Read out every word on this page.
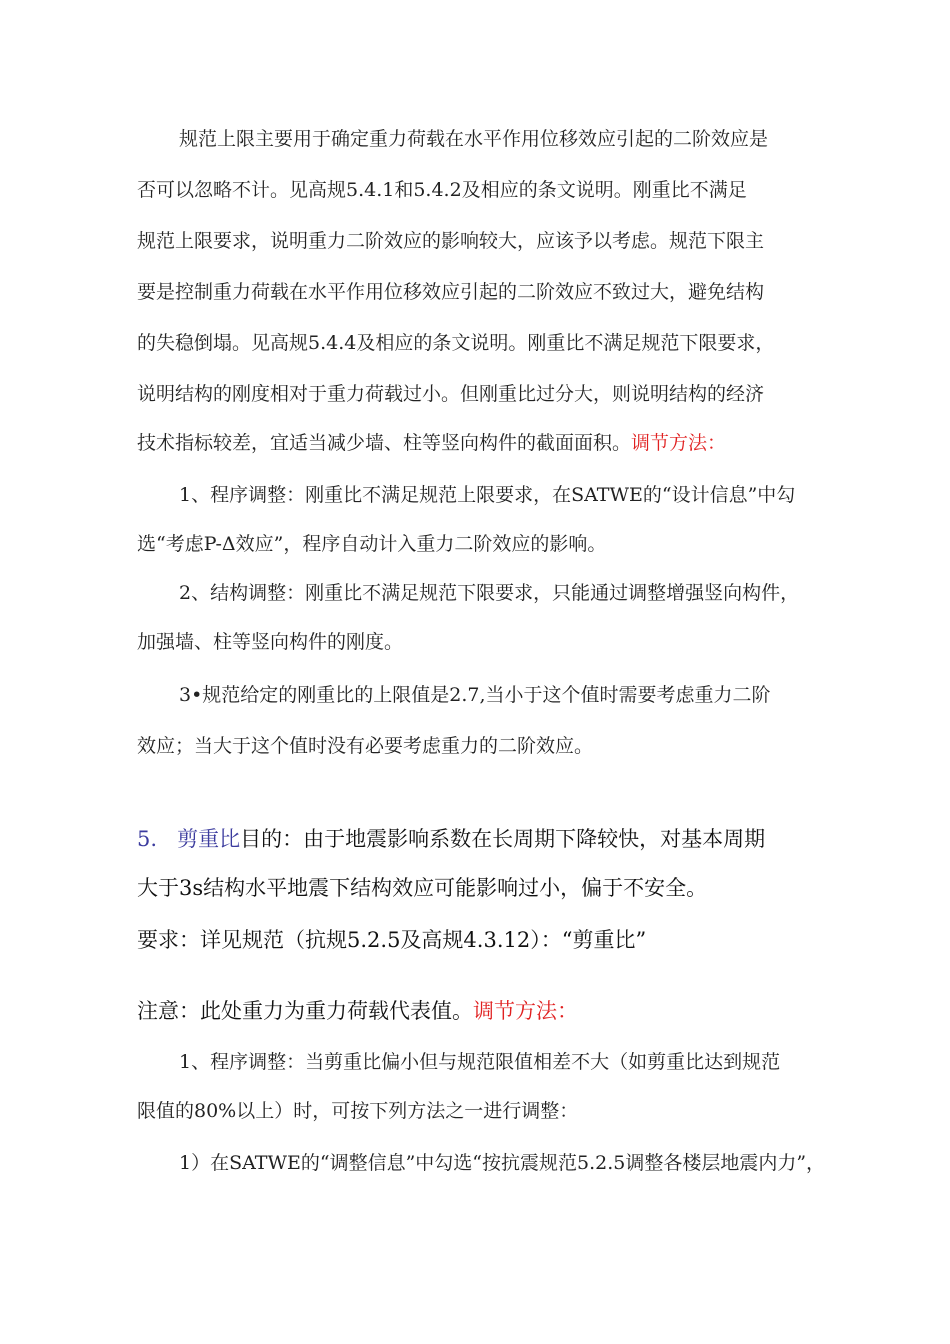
规范上限主要用于确定重力荷载在水平作用位移效应引起的二阶效应是
否可以忽略不计。见高规5.4.1和5.4.2及相应的条文说明。刚重比不满足
规范上限要求，说明重力二阶效应的影响较大，应该予以考虑。规范下限主
要是控制重力荷载在水平作用位移效应引起的二阶效应不致过大，避免结构
的失稳倒塌。见高规5.4.4及相应的条文说明。刚重比不满足规范下限要求，
说明结构的刚度相对于重力荷载过小。但刚重比过分大，则说明结构的经济
技术指标较差，宜适当减少墙、柱等竖向构件的截面面积。调节方法：
1、程序调整：刚重比不满足规范上限要求，在SATWE的“设计信息”中勾
选“考虑P-Δ效应”，程序自动计入重力二阶效应的影响。
2、结构调整：刚重比不满足规范下限要求，只能通过调整增强竖向构件，
加强墙、柱等竖向构件的刚度。
3•规范给定的刚重比的上限值是2.7,当小于这个值时需要考虑重力二阶
效应；当大于这个值时没有必要考虑重力的二阶效应。
5. 剪重比目的：由于地震影响系数在长周期下降较快，对基本周期
大于3s结构水平地震下结构效应可能影响过小，偏于不安全。
要求：详见规范（抗规5.2.5及高规4.3.12）：“剪重比”
注意：此处重力为重力荷载代表值。调节方法：
1、程序调整：当剪重比偏小但与规范限值相差不大（如剪重比达到规范
限值的80%以上）时，可按下列方法之一进行调整：
1）在SATWE的“调整信息”中勾选“按抗震规范5.2.5调整各楼层地震内力”，
